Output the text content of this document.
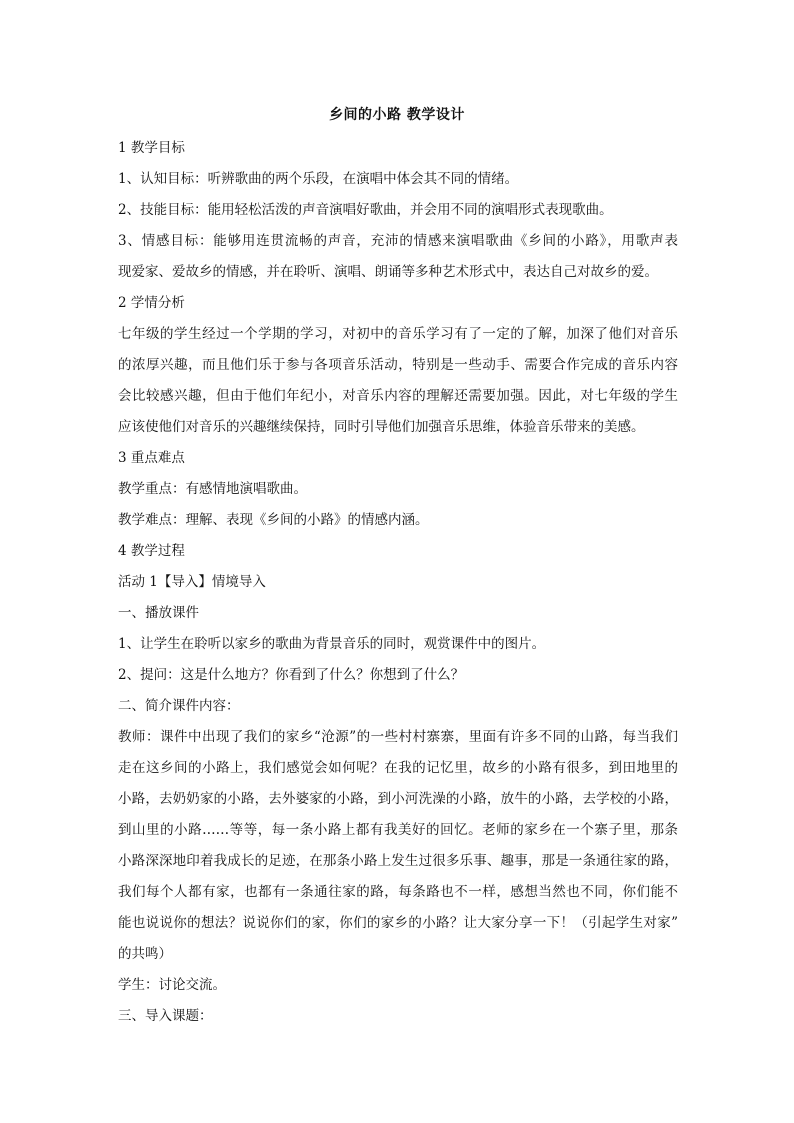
乡间的小路 教学设计
1 教学目标
1、认知目标：听辨歌曲的两个乐段，在演唱中体会其不同的情绪。
2、技能目标：能用轻松活泼的声音演唱好歌曲，并会用不同的演唱形式表现歌曲。
3、情感目标：能够用连贯流畅的声音，充沛的情感来演唱歌曲《乡间的小路》，用歌声表
现爱家、爱故乡的情感，并在聆听、演唱、朗诵等多种艺术形式中，表达自己对故乡的爱。
2 学情分析
七年级的学生经过一个学期的学习，对初中的音乐学习有了一定的了解，加深了他们对音乐
的浓厚兴趣，而且他们乐于参与各项音乐活动，特别是一些动手、需要合作完成的音乐内容
会比较感兴趣，但由于他们年纪小，对音乐内容的理解还需要加强。因此，对七年级的学生
应该使他们对音乐的兴趣继续保持，同时引导他们加强音乐思维，体验音乐带来的美感。
3 重点难点
教学重点：有感情地演唱歌曲。
教学难点：理解、表现《乡间的小路》的情感内涵。
4 教学过程
活动 1【导入】情境导入
一、播放课件
1、让学生在聆听以家乡的歌曲为背景音乐的同时，观赏课件中的图片。
2、提问：这是什么地方？你看到了什么？你想到了什么？
二、简介课件内容：
教师：课件中出现了我们的家乡“沧源”的一些村村寨寨，里面有许多不同的山路，每当我们
走在这乡间的小路上，我们感觉会如何呢？在我的记忆里，故乡的小路有很多，到田地里的
小路，去奶奶家的小路，去外婆家的小路，到小河洗澡的小路，放牛的小路，去学校的小路，
到山里的小路……等等，每一条小路上都有我美好的回忆。老师的家乡在一个寨子里，那条
小路深深地印着我成长的足迹，在那条小路上发生过很多乐事、趣事，那是一条通往家的路，
我们每个人都有家，也都有一条通往家的路，每条路也不一样，感想当然也不同，你们能不
能也说说你的想法？说说你们的家，你们的家乡的小路？让大家分享一下！（引起学生对家”
的共鸣）
学生：讨论交流。
三、导入课题：
